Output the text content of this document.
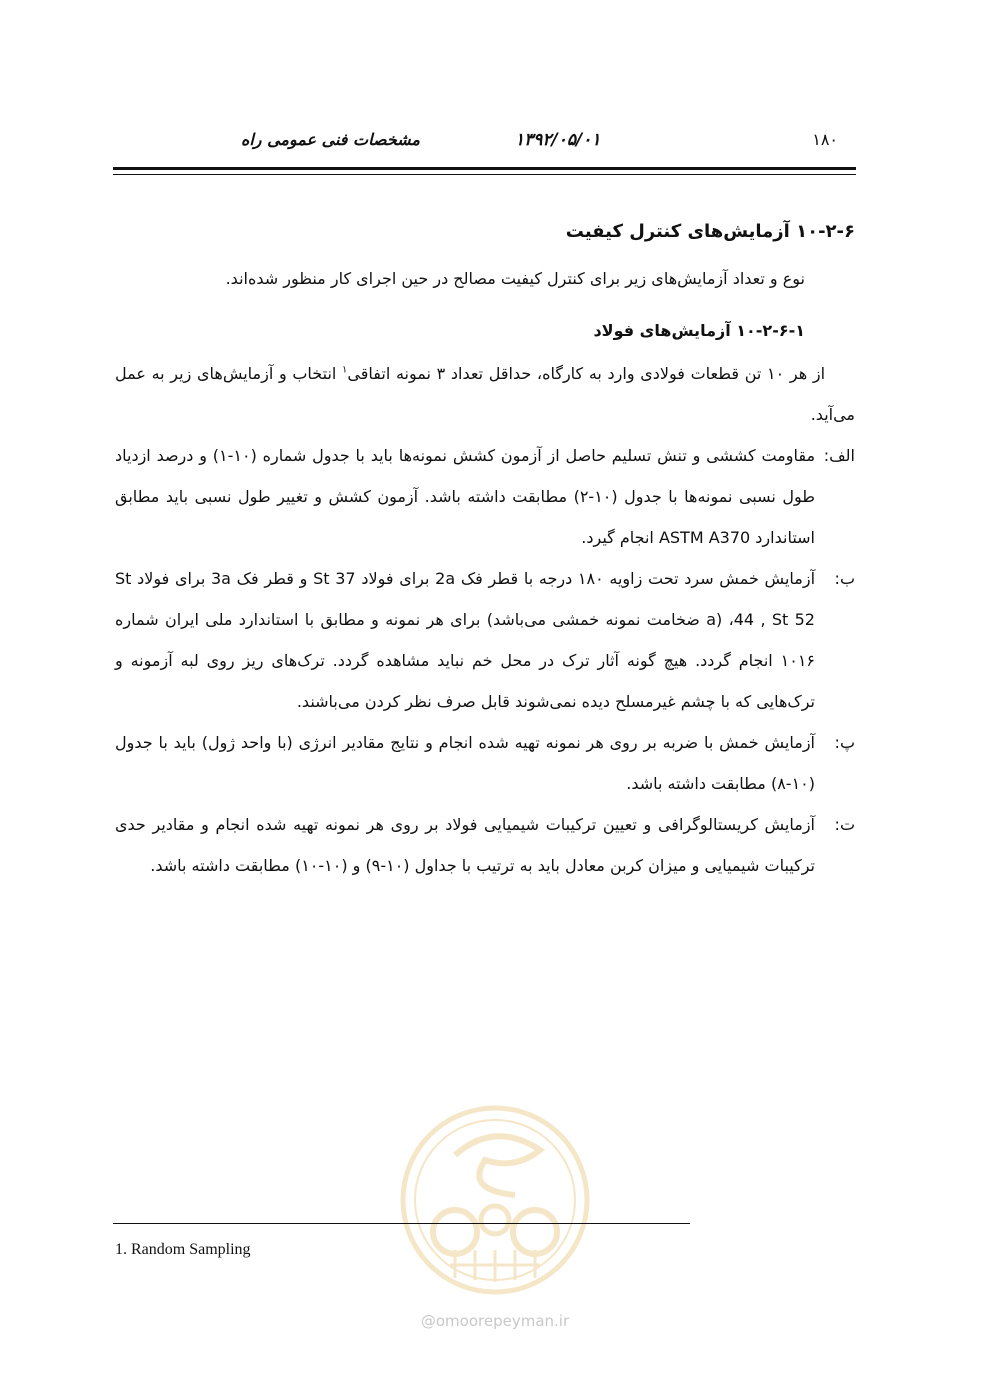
مشخصات فنی عمومی راه	۱۳۹۲/۰۵/۰۱	۱۸۰
۱۰-۲-۶ آزمایش‌های کنترل کیفیت

نوع و تعداد آزمایش‌های زیر برای کنترل کیفیت مصالح در حین اجرای کار منظور شده‌اند.

۱۰-۲-۶-۱ آزمایش‌های فولاد

از هر ۱۰ تن قطعات فولادی وارد به کارگاه، حداقل تعداد ۳ نمونه اتفاقی$^۱$ انتخاب و آزمایش‌های زیر به عمل می‌آید.

الف:
مقاومت کششی و تنش تسلیم حاصل از آزمون کشش نمونه‌ها باید با جدول شماره (۱۰-۱) و درصد ازدیاد طول نسبی نمونه‌ها با جدول (۱۰-۲) مطابقت داشته باشد. آزمون کشش و تغییر طول نسبی باید مطابق استاندارد ASTM A370 انجام گیرد.
ب:
آزمایش خمش سرد تحت زاویه ۱۸۰ درجه با قطر فک 2a برای فولاد St 37 و قطر فک 3a برای فولاد St 44 , St 52، (a ضخامت نمونه خمشی می‌باشد) برای هر نمونه و مطابق با استاندارد ملی ایران شماره ۱۰۱۶ انجام گردد. هیچ گونه آثار ترک در محل خم نباید مشاهده گردد. ترک‌های ریز روی لبه آزمونه و ترک‌هایی که با چشم غیرمسلح دیده نمی‌شوند قابل صرف نظر کردن می‌باشند.
پ:
آزمایش خمش با ضربه بر روی هر نمونه تهیه شده انجام و نتایج مقادیر انرژی (با واحد ژول) باید با جدول (۱۰-۸) مطابقت داشته باشد.
ت:
آزمایش کریستالوگرافی و تعیین ترکیبات شیمیایی فولاد بر روی هر نمونه تهیه شده انجام و مقادیر حدی ترکیبات شیمیایی و میزان کربن معادل باید به ترتیب با جداول (۱۰-۹) و (۱۰-۱۰) مطابقت داشته باشد.
@omoorepeyman.ir
1. Random Sampling
